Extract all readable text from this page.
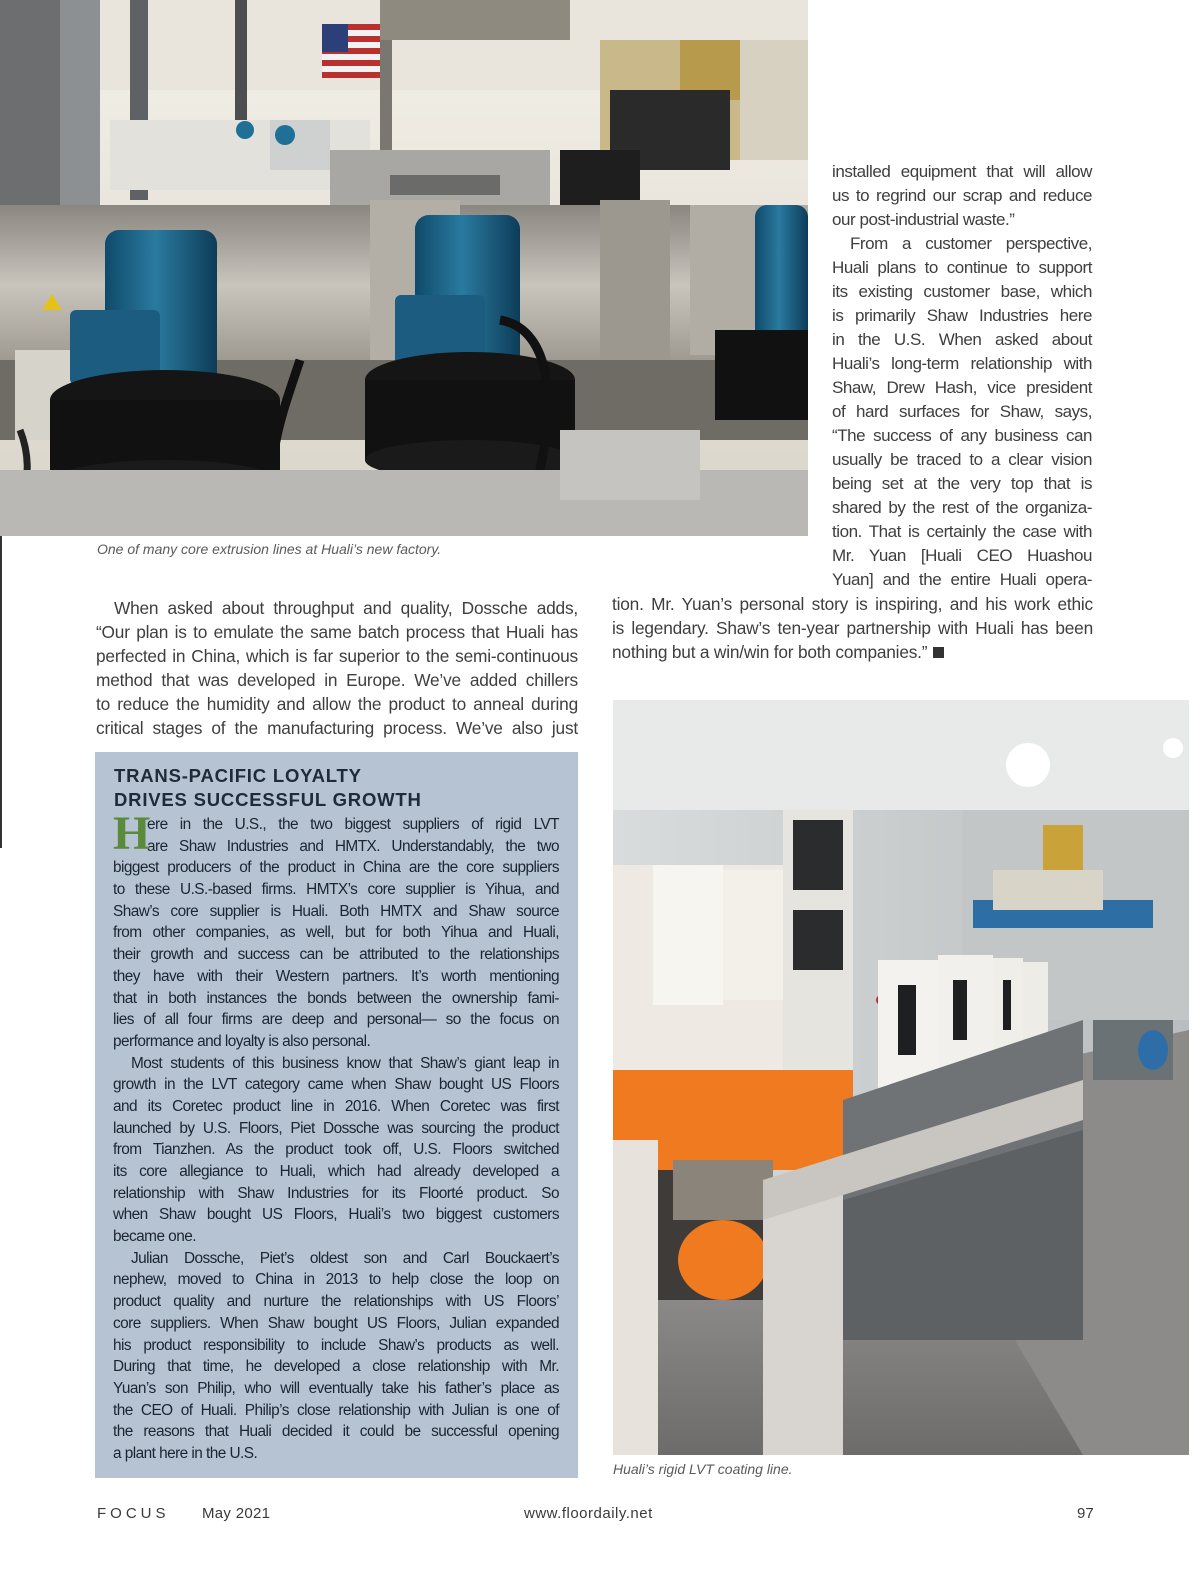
One of many core extrusion lines at Huali’s new factory.
installed equipment that will allow
us to regrind our scrap and reduce
our post-industrial waste.”
From a customer perspective,
Huali plans to continue to support
its existing customer base, which
is primarily Shaw Industries here
in the U.S. When asked about
Huali’s long-term relationship with
Shaw, Drew Hash, vice president
of hard surfaces for Shaw, says,
“The success of any business can
usually be traced to a clear vision
being set at the very top that is
shared by the rest of the organiza-
tion. That is certainly the case with
Mr. Yuan [Huali CEO Huashou
Yuan] and the entire Huali opera-
tion. Mr. Yuan’s personal story is inspiring, and his work ethic
is legendary. Shaw’s ten-year partnership with Huali has been
nothing but a win/win for both companies.”
When asked about throughput and quality, Dossche adds,
“Our plan is to emulate the same batch process that Huali has
perfected in China, which is far superior to the semi-continuous
method that was developed in Europe. We’ve added chillers
to reduce the humidity and allow the product to anneal during
critical stages of the manufacturing process. We’ve also just
TRANS-PACIFIC LOYALTY
DRIVES SUCCESSFUL GROWTH
ere in the U.S., the two biggest suppliers of rigid LVT
are Shaw Industries and HMTX. Understandably, the two
biggest producers of the product in China are the core suppliers
to these U.S.-based firms. HMTX’s core supplier is Yihua, and
Shaw’s core supplier is Huali. Both HMTX and Shaw source
from other companies, as well, but for both Yihua and Huali,
their growth and success can be attributed to the relationships
they have with their Western partners. It’s worth mentioning
that in both instances the bonds between the ownership fami-
lies of all four firms are deep and personal— so the focus on
performance and loyalty is also personal.
Most students of this business know that Shaw’s giant leap in
growth in the LVT category came when Shaw bought US Floors
and its Coretec product line in 2016. When Coretec was first
launched by U.S. Floors, Piet Dossche was sourcing the product
from Tianzhen. As the product took off, U.S. Floors switched
its core allegiance to Huali, which had already developed a
relationship with Shaw Industries for its Floorté product. So
when Shaw bought US Floors, Huali’s two biggest customers
became one.
Julian Dossche, Piet’s oldest son and Carl Bouckaert’s
nephew, moved to China in 2013 to help close the loop on
product quality and nurture the relationships with US Floors’
core suppliers. When Shaw bought US Floors, Julian expanded
his product responsibility to include Shaw’s products as well.
During that time, he developed a close relationship with Mr.
Yuan’s son Philip, who will eventually take his father’s place as
the CEO of Huali. Philip’s close relationship with Julian is one of
the reasons that Huali decided it could be successful opening
a plant here in the U.S.
H
Huali’s rigid LVT coating line.
FOCUS May 2021	www.floordaily.net	97
